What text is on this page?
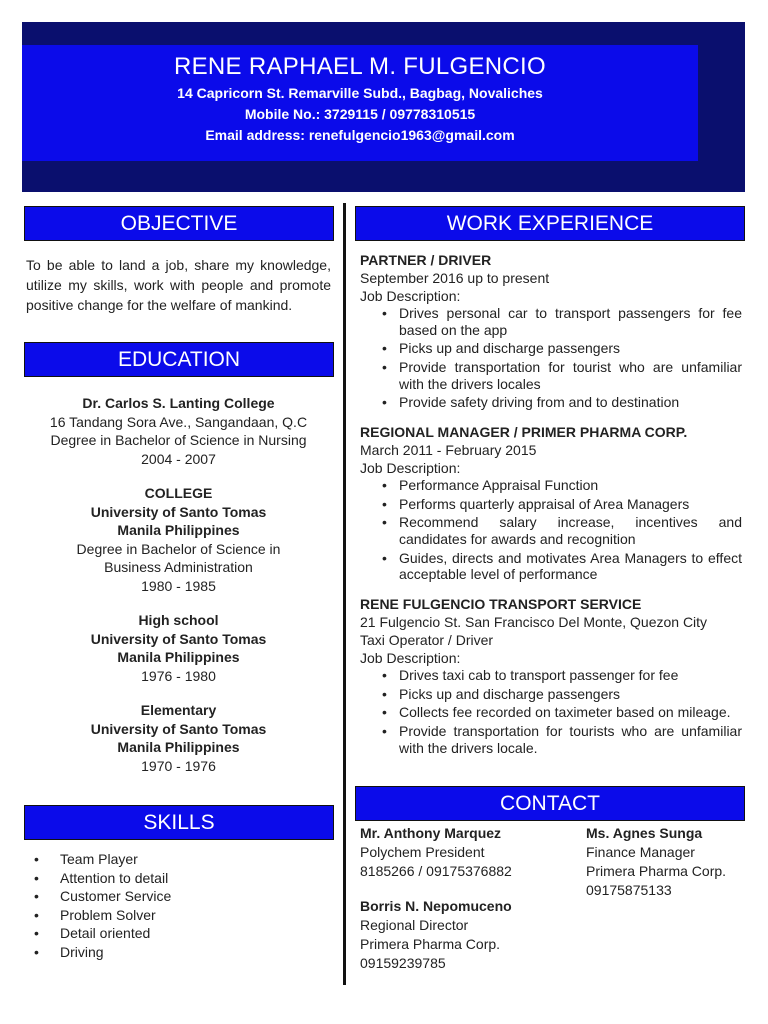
RENE RAPHAEL M. FULGENCIO
14 Capricorn St. Remarville Subd., Bagbag, Novaliches
Mobile No.: 3729115 / 09778310515
Email address: renefulgencio1963@gmail.com
OBJECTIVE

To be able to land a job, share my knowledge, utilize my skills, work with people and promote positive change for the welfare of mankind.

EDUCATION
Dr. Carlos S. Lanting College
16 Tandang Sora Ave., Sangandaan, Q.C
Degree in Bachelor of Science in Nursing
2004 - 2007
COLLEGE
University of Santo Tomas
Manila Philippines
Degree in Bachelor of Science in
Business Administration
1980 - 1985
High school
University of Santo Tomas
Manila Philippines
1976 - 1980
Elementary
University of Santo Tomas
Manila Philippines
1970 - 1976
SKILLS
• Team Player
• Attention to detail
• Customer Service
• Problem Solver
• Detail oriented
• Driving
WORK EXPERIENCE
PARTNER / DRIVER
September 2016 up to present
Job Description:
• Drives personal car to transport passengers for fee based on the app
• Picks up and discharge passengers
• Provide transportation for tourist who are unfamiliar with the drivers locales
• Provide safety driving from and to destination
REGIONAL MANAGER / PRIMER PHARMA CORP.
March 2011 - February 2015
Job Description:
• Performance Appraisal Function
• Performs quarterly appraisal of Area Managers
• Recommend salary increase, incentives and candidates for awards and recognition
• Guides, directs and motivates Area Managers to effect acceptable level of performance
RENE FULGENCIO TRANSPORT SERVICE
21 Fulgencio St. San Francisco Del Monte, Quezon City
Taxi Operator / Driver
Job Description:
• Drives taxi cab to transport passenger for fee
• Picks up and discharge passengers
• Collects fee recorded on taximeter based on mileage.
• Provide transportation for tourists who are unfamiliar with the drivers locale.
CONTACT
Mr. Anthony Marquez
Polychem President
8185266 / 09175376882
Ms. Agnes Sunga
Finance Manager
Primera Pharma Corp.
09175875133
Borris N. Nepomuceno
Regional Director
Primera Pharma Corp.
09159239785
